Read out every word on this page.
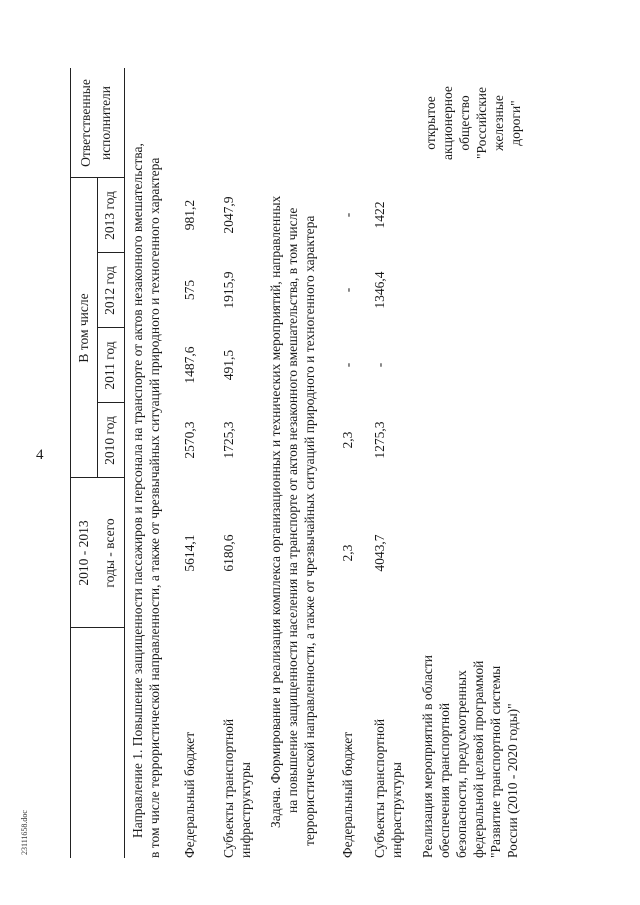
4
23111658.doc
2010 - 2013 годы - всего
В том числе
2010 год
2011 год
2012 год
2013 год
Ответственные исполнители
Направление 1. Повышение защищенности пассажиров и персонала на транспорте от актов незаконного вмешательства, в том числе террористической направленности, а также от чрезвычайных ситуаций природного и техногенного характера Федеральный бюджет
5614,1
2570,3
1487,6
575
981,2
Субъекты транспортной инфраструктуры
6180,6
1725,3
491,5
1915,9
2047,9 Задача. Формирование и реализация комплекса организационных и технических мероприятий, направленных на повышение защищенности населения на транспорте от актов незаконного вмешательства, в том числе террористической направленности, а также от чрезвычайных ситуаций природного и техногенного характера Федеральный бюджет
2,3
2,3
-
-
-
Субъекты транспортной инфраструктуры
4043,7
1275,3
-
1346,4
1422
Реализация мероприятий в области обеспечения транспортной безопасности, предусмотренных федеральной целевой программой "Развитие транспортной системы России (2010 - 2020 годы)"
открытое акционерное общество "Российские железные дороги"
